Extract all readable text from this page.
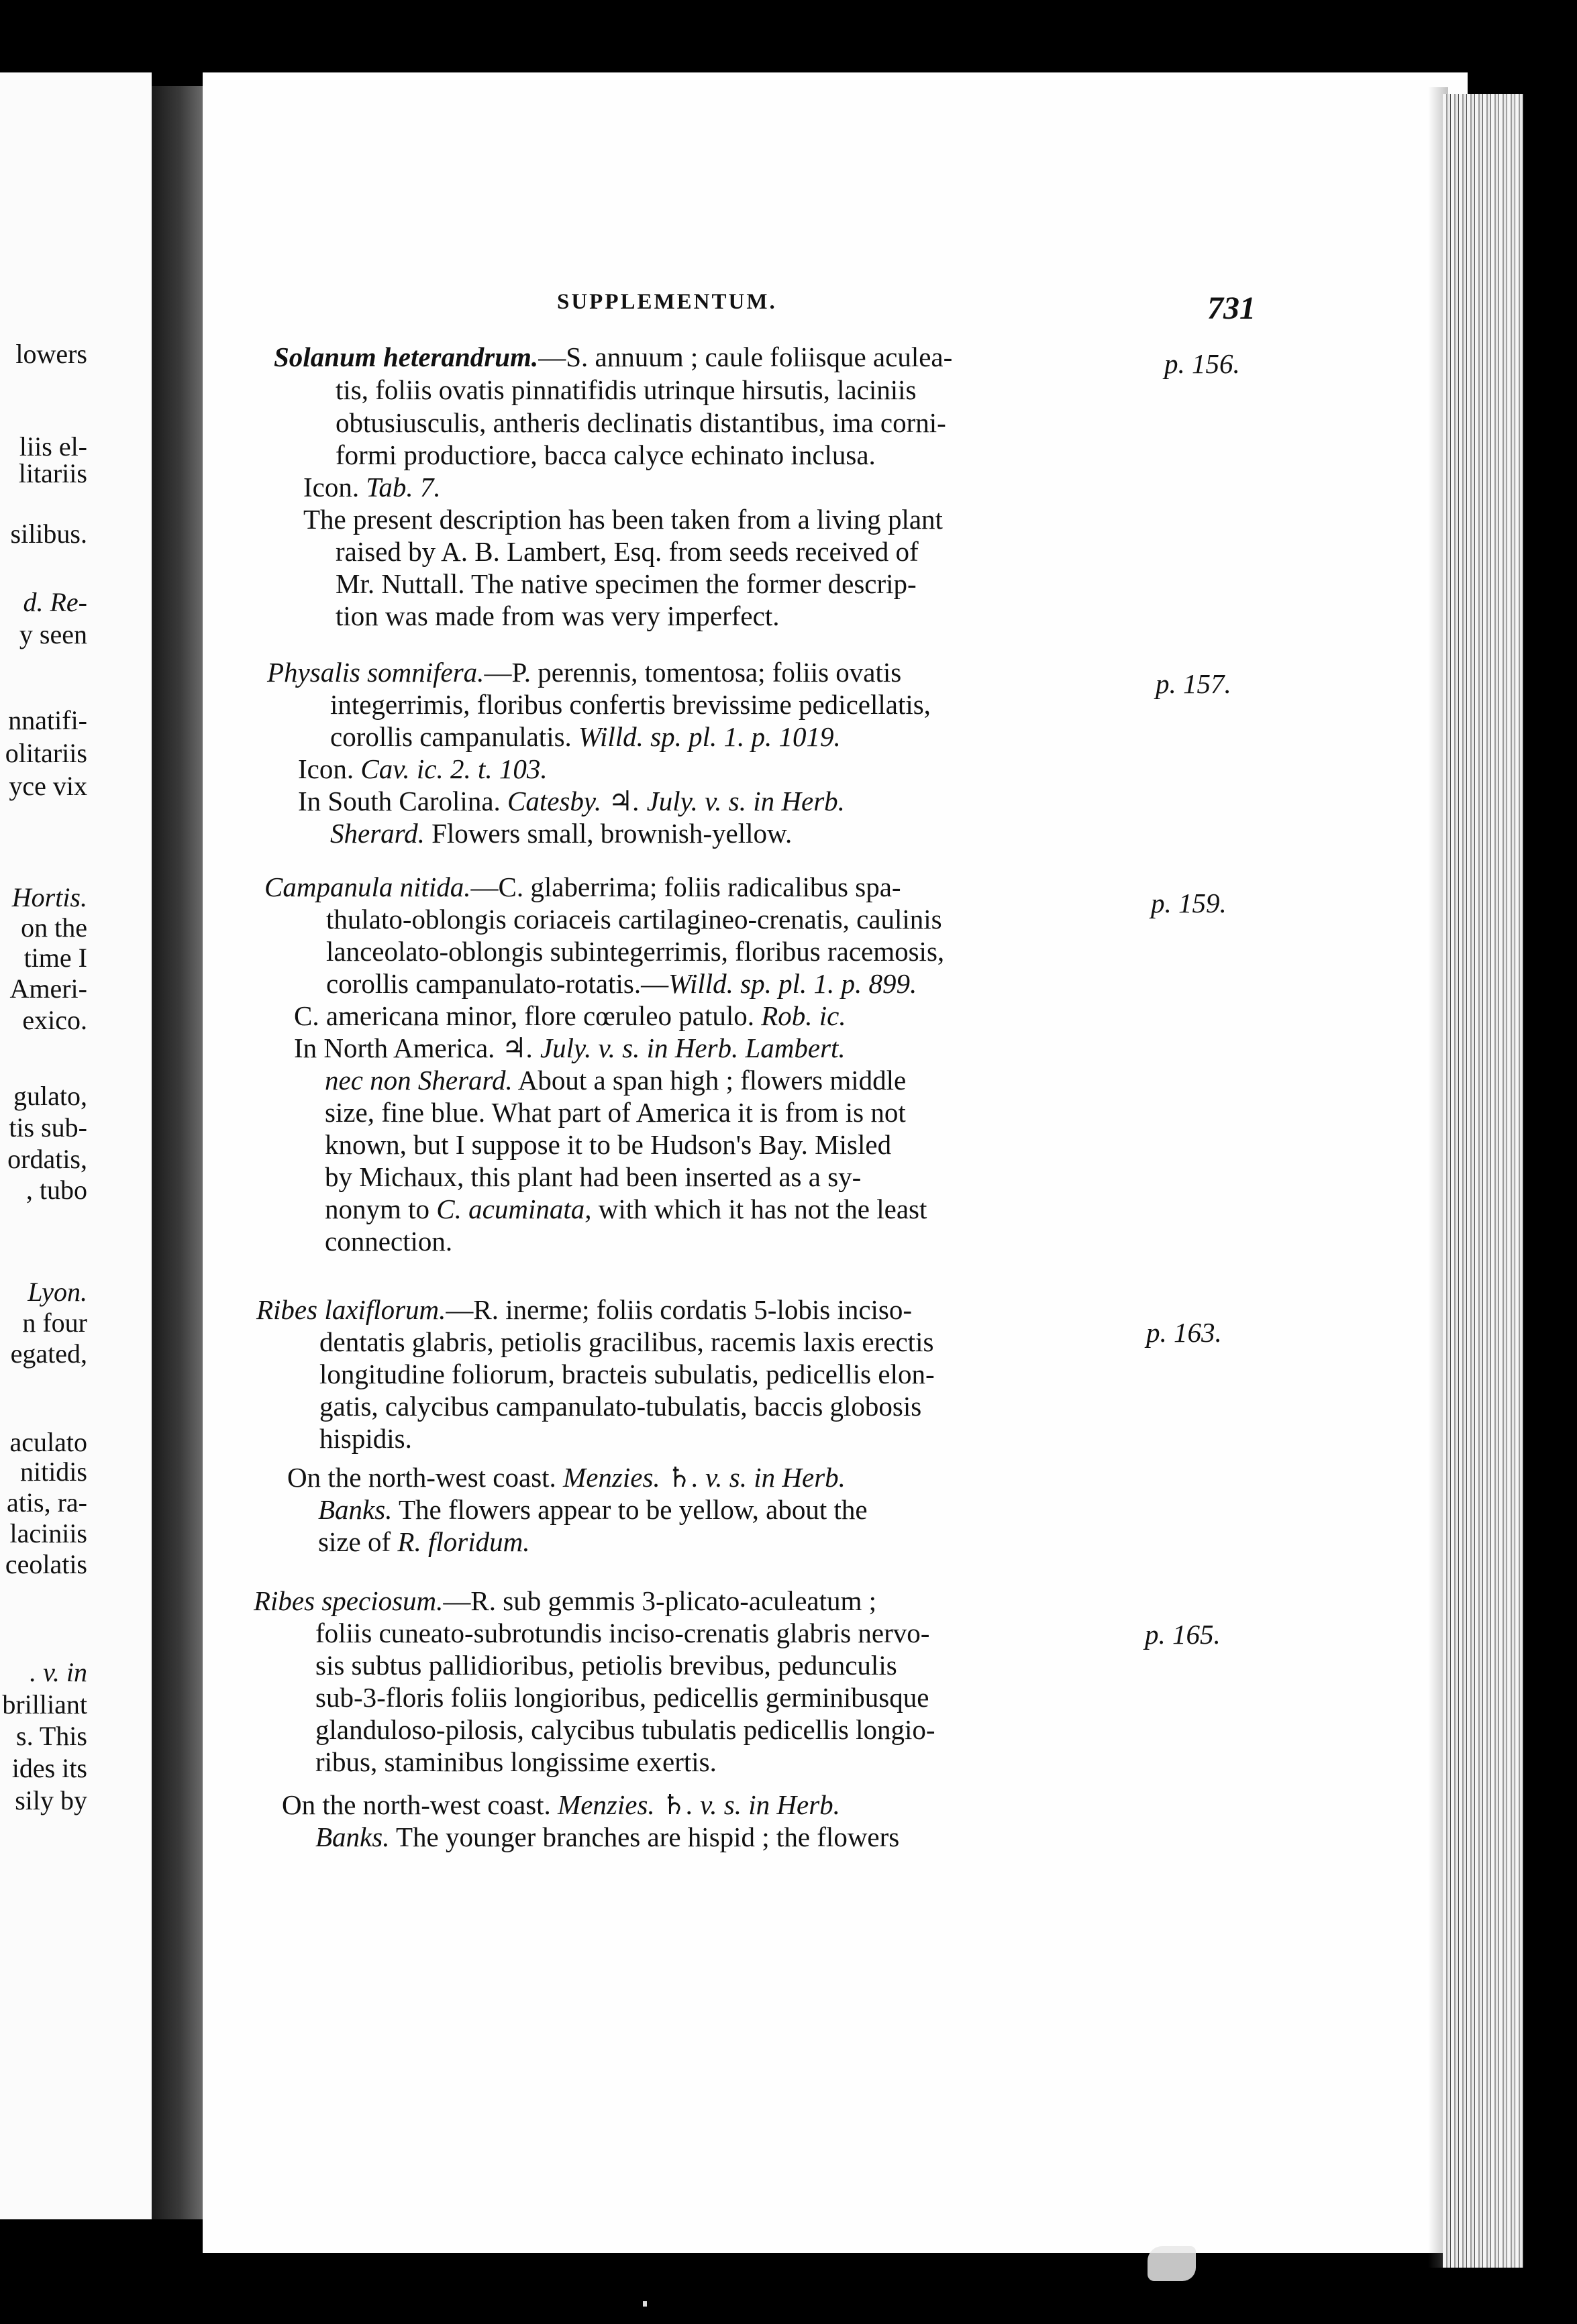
lowers
liis el-
litariis
silibus.
d. Re-
y seen
nnatifi-
olitariis
yce vix
Hortis.
on the
time I
Ameri-
exico.
gulato,
tis sub-
ordatis,
, tubo
Lyon.
n four
egated,
aculato
nitidis
atis, ra-
laciniis
ceolatis
. v. in
brilliant
s. This
ides its
sily by
SUPPLEMENTUM.	731
p. 156.
Solanum heterandrum.—S. annuum ; caule foliisque aculea-
tis, foliis ovatis pinnatifidis utrinque hirsutis, laciniis
obtusiusculis, antheris declinatis distantibus, ima corni-
formi productiore, bacca calyce echinato inclusa.
Icon. Tab. 7.
The present description has been taken from a living plant
raised by A. B. Lambert, Esq. from seeds received of
Mr. Nuttall. The native specimen the former descrip-
tion was made from was very imperfect.
p. 157.
Physalis somnifera.—P. perennis, tomentosa; foliis ovatis
integerrimis, floribus confertis brevissime pedicellatis,
corollis campanulatis. Willd. sp. pl. 1. p. 1019.
Icon. Cav. ic. 2. t. 103.
In South Carolina. Catesby. ♃. July. v. s. in Herb.
Sherard. Flowers small, brownish-yellow.
p. 159.
Campanula nitida.—C. glaberrima; foliis radicalibus spa-
thulato-oblongis coriaceis cartilagineo-crenatis, caulinis
lanceolato-oblongis subintegerrimis, floribus racemosis,
corollis campanulato-rotatis.—Willd. sp. pl. 1. p. 899.
C. americana minor, flore cœruleo patulo. Rob. ic.
In North America. ♃. July. v. s. in Herb. Lambert.
nec non Sherard. About a span high ; flowers middle
size, fine blue. What part of America it is from is not
known, but I suppose it to be Hudson's Bay. Misled
by Michaux, this plant had been inserted as a sy-
nonym to C. acuminata, with which it has not the least
connection.
p. 163.
Ribes laxiflorum.—R. inerme; foliis cordatis 5-lobis inciso-
dentatis glabris, petiolis gracilibus, racemis laxis erectis
longitudine foliorum, bracteis subulatis, pedicellis elon-
gatis, calycibus campanulato-tubulatis, baccis globosis
hispidis.
On the north-west coast. Menzies. ♄. v. s. in Herb.
Banks. The flowers appear to be yellow, about the
size of R. floridum.
p. 165.
Ribes speciosum.—R. sub gemmis 3-plicato-aculeatum ;
foliis cuneato-subrotundis inciso-crenatis glabris nervo-
sis subtus pallidioribus, petiolis brevibus, pedunculis
sub-3-floris foliis longioribus, pedicellis germinibusque
glanduloso-pilosis, calycibus tubulatis pedicellis longio-
ribus, staminibus longissime exertis.
On the north-west coast. Menzies. ♄. v. s. in Herb.
Banks. The younger branches are hispid ; the flowers
